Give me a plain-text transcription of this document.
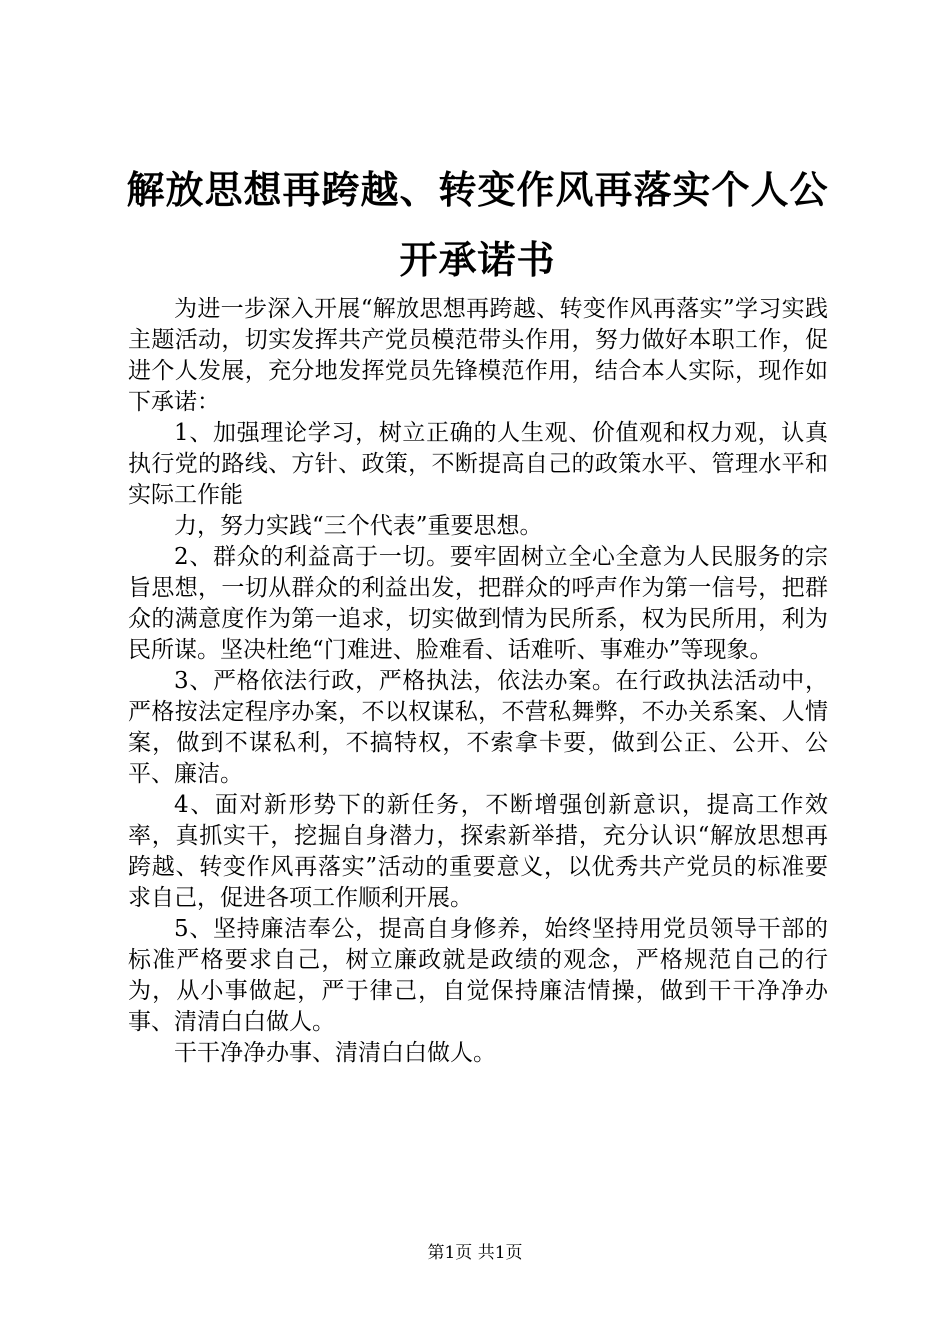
解放思想再跨越、转变作风再落实个人公开承诺书

为进一步深入开展“解放思想再跨越、转变作风再落实”学习实践主题活动，切实发挥共产党员模范带头作用，努力做好本职工作，促进个人发展，充分地发挥党员先锋模范作用，结合本人实际，现作如下承诺：

1、加强理论学习，树立正确的人生观、价值观和权力观，认真执行党的路线、方针、政策，不断提高自己的政策水平、管理水平和实际工作能

力，努力实践“三个代表”重要思想。

2、群众的利益高于一切。要牢固树立全心全意为人民服务的宗旨思想，一切从群众的利益出发，把群众的呼声作为第一信号，把群众的满意度作为第一追求，切实做到情为民所系，权为民所用，利为民所谋。坚决杜绝“门难进、脸难看、话难听、事难办”等现象。

3、严格依法行政，严格执法，依法办案。在行政执法活动中，严格按法定程序办案，不以权谋私，不营私舞弊，不办关系案、人情案，做到不谋私利，不搞特权，不索拿卡要，做到公正、公开、公平、廉洁。

4、面对新形势下的新任务，不断增强创新意识，提高工作效率，真抓实干，挖掘自身潜力，探索新举措，充分认识“解放思想再跨越、转变作风再落实”活动的重要意义，以优秀共产党员的标准要求自己，促进各项工作顺利开展。

5、坚持廉洁奉公，提高自身修养，始终坚持用党员领导干部的标准严格要求自己，树立廉政就是政绩的观念，严格规范自己的行为，从小事做起，严于律己，自觉保持廉洁情操，做到干干净净办事、清清白白做人。

干干净净办事、清清白白做人。

第1页 共1页
